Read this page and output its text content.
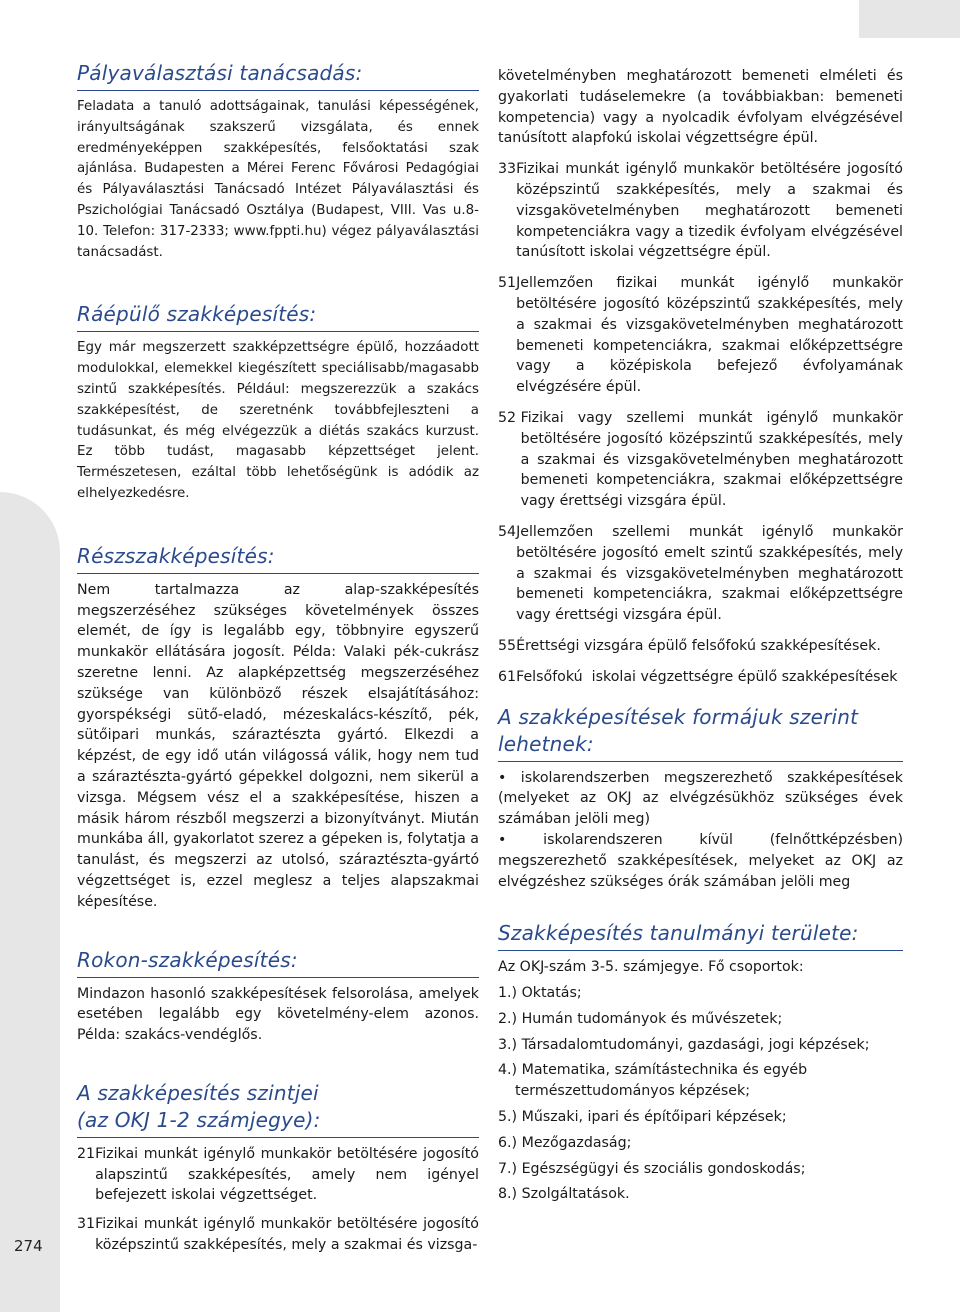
274
Pályaválasztási tanácsadás:

Feladata a tanuló adottságainak, tanulási képességének, irányultságának szakszerű vizsgálata, és ennek eredményeképpen szakképesítés, felsőoktatási szak ajánlása. Budapesten a Mérei Ferenc Fővárosi Pedagógiai és Pályaválasztási Tanácsadó Intézet Pályaválasztási és Pszichológiai Tanácsadó Osztálya (Budapest, VIII. Vas u.8-10. Telefon: 317-2333; www.fppti.hu) végez pályaválasztási tanácsadást.

Ráépülő szakképesítés:

Egy már megszerzett szakképzettségre épülő, hozzáadott modulokkal, elemekkel kiegészített speciálisabb/magasabb szintű szakképesítés. Például: megszerezzük a szakács szakképesítést, de szeretnénk továbbfejleszteni a tudásunkat, és még elvégezzük a diétás szakács kurzust. Ez több tudást, magasabb képzettséget jelent. Természetesen, ezáltal több lehetőségünk is adódik az elhelyezkedésre.

Részszakképesítés:

Nem tartalmazza az alap-szakképesítés megszerzéséhez szükséges követelmények összes elemét, de így is legalább egy, többnyire egyszerű munkakör ellátására jogosít. Példa: Valaki pék-cukrász szeretne lenni. Az alapképzettség megszerzéséhez szüksége van különböző részek elsajátításához: gyorspékségi sütő-eladó, mézeskalács-készítő, pék, sütőipari munkás, száraztészta gyártó. Elkezdi a képzést, de egy idő után világossá válik, hogy nem tud a száraztészta-gyártó gépekkel dolgozni, nem sikerül a vizsga. Mégsem vész el a szakképesítése, hiszen a másik három részből megszerzi a bizonyítványt. Miután munkába áll, gyakorlatot szerez a gépeken is, folytatja a tanulást, és megszerzi az utolsó, száraztészta-gyártó végzettséget is, ezzel meglesz a teljes alapszakmai képesítése.

Rokon-szakképesítés:

Mindazon hasonló szakképesítések felsorolása, amelyek esetében legalább egy követelmény-elem azonos. Példa: szakács-vendéglős.

A szakképesítés szintjei
(az OKJ 1-2 számjegye):
21 Fizikai munkát igénylő munkakör betöltésére jogosító alapszintű szakképesítés, amely nem igényel befejezett iskolai végzettséget.
31 Fizikai munkát igénylő munkakör betöltésére jogosító középszintű szakképesítés, mely a szakmai és vizsga-

követelményben meghatározott bemeneti elméleti és gyakorlati tudáselemekre (a továbbiakban: bemeneti kompetencia) vagy a nyolcadik évfolyam elvégzésével tanúsított alapfokú iskolai végzettségre épül.

33 Fizikai munkát igénylő munkakör betöltésére jogosító középszintű szakképesítés, mely a szakmai és vizsgakövetelményben meghatározott bemeneti kompetenciákra vagy a tizedik évfolyam elvégzésével tanúsított iskolai végzettségre épül.
51 Jellemzően fizikai munkát igénylő munkakör betöltésére jogosító középszintű szakképesítés, mely a szakmai és vizsgakövetelményben meghatározott bemeneti kompetenciákra, szakmai előképzettségre vagy a középiskola befejező évfolyamának elvégzésére épül.
52 Fizikai vagy szellemi munkát igénylő munkakör betöltésére jogosító középszintű szakképesítés, mely a szakmai és vizsgakövetelményben meghatározott bemeneti kompetenciákra, szakmai előképzettségre vagy érettségi vizsgára épül.
54 Jellemzően szellemi munkát igénylő munkakör betöltésére jogosító emelt szintű szakképesítés, mely a szakmai és vizsgakövetelményben meghatározott bemeneti kompetenciákra, szakmai előképzettségre vagy érettségi vizsgára épül.
55 Érettségi vizsgára épülő felsőfokú szakképesítések.
61 Felsőfokú  iskolai végzettségre épülő szakképesítések
A szakképesítések formájuk szerint lehetnek:

• iskolarendszerben megszerezhető szakképesítések (melyeket az OKJ az elvégzésükhöz szükséges évek számában jelöli meg)

• iskolarendszeren kívül (felnőttképzésben) megszerezhető szakképesítések, melyeket az OKJ az elvégzéshez szükséges órák számában jelöli meg

Szakképesítés tanulmányi területe:

Az OKJ-szám 3-5. számjegye. Fő csoportok:

1.) Oktatás;

2.) Humán tudományok és művészetek;

3.) Társadalomtudományi, gazdasági, jogi képzések;

4.) Matematika, számítástechnika és egyéb
természettudományos képzések;

5.) Műszaki, ipari és építőipari képzések;

6.) Mezőgazdaság;

7.) Egészségügyi és szociális gondoskodás;

8.) Szolgáltatások.
